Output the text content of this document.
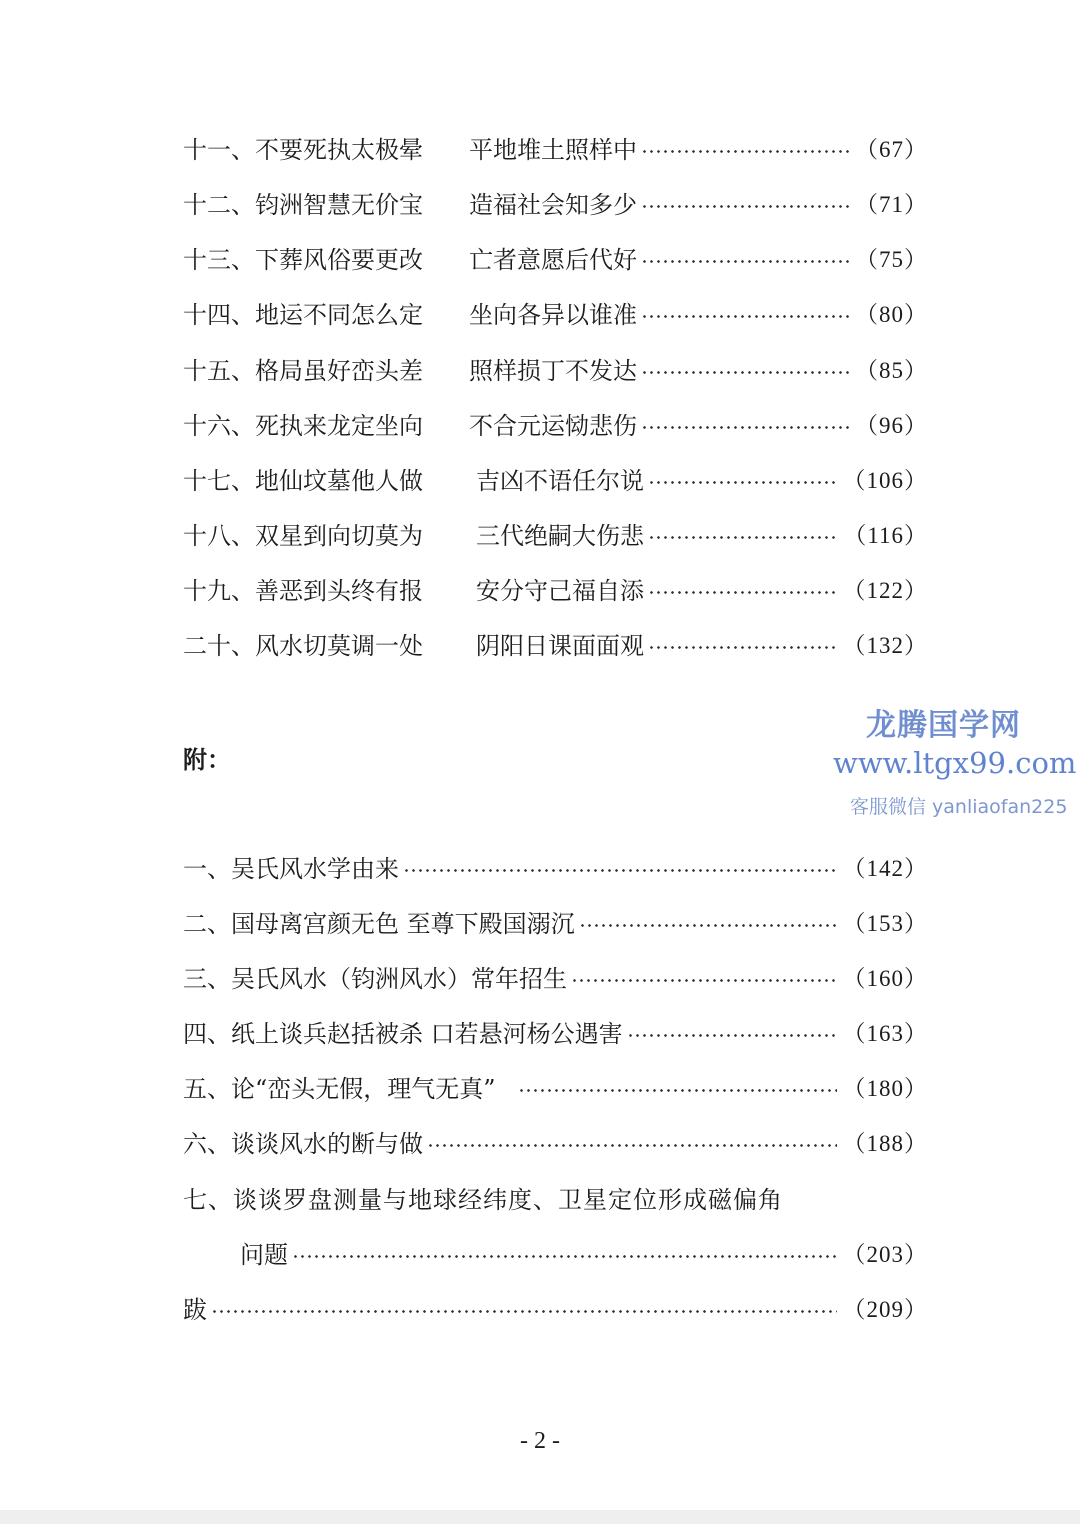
十一、不要死执太极晕 平地堆土照样中	（67）
十二、钧洲智慧无价宝 造福社会知多少	（71）
十三、下葬风俗要更改 亡者意愿后代好	（75）
十四、地运不同怎么定 坐向各异以谁准	（80）
十五、格局虽好峦头差 照样损丁不发达	（85）
十六、死执来龙定坐向 不合元运恸悲伤	（96）
十七、地仙坟墓他人做 吉凶不语任尔说	（106）
十八、双星到向切莫为 三代绝嗣大伤悲	（116）
十九、善恶到头终有报 安分守己福自添	（122）
二十、风水切莫调一处 阴阳日课面面观	（132）
龙腾国学网
www.ltgx99.com
客服微信 yanliaofan225
附：
一、吴氏风水学由来	（142）
二、国母离宫颜无色 至尊下殿国溺沉	（153）
三、吴氏风水（钧洲风水）常年招生	（160）
四、纸上谈兵赵括被杀 口若悬河杨公遇害	（163）
五、论“峦头无假，理气无真”	（180）
六、谈谈风水的断与做	（188）
七、谈谈罗盘测量与地球经纬度、卫星定位形成磁偏角
问题	（203）
跋	（209）
- 2 -
